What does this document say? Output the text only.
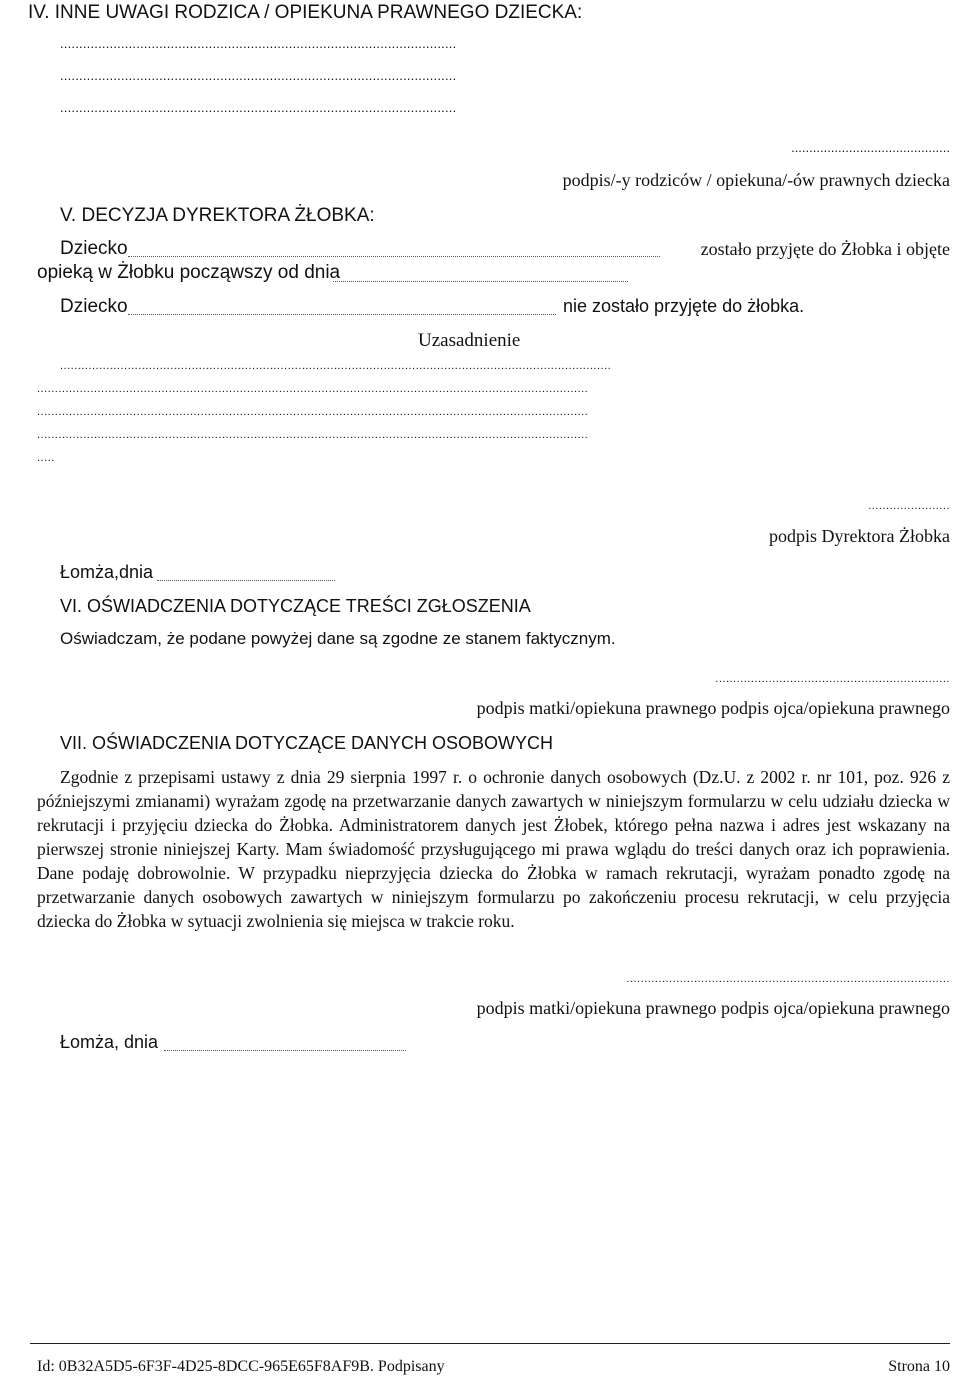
IV. INNE UWAGI RODZICA / OPIEKUNA PRAWNEGO DZIECKA:
........................................................................................................
........................................................................................................
........................................................................................................
............................................
podpis/-y rodziców / opiekuna/-ów prawnych dziecka
V. DECYZJA DYREKTORA ŻŁOBKA:
Dziecko	zostało przyjęte do Żłobka i objęte
opieką w Żłobku począwszy od dnia
Dziecko	nie zostało przyjęte do żłobka.
Uzasadnienie
...........................................................................................................................................................
...........................................................................................................................................................
...........................................................................................................................................................
...........................................................................................................................................................
.....
.......................
podpis Dyrektora Żłobka
Łomża,dnia
VI. OŚWIADCZENIA DOTYCZĄCE TREŚCI ZGŁOSZENIA
Oświadczam, że podane powyżej dane są zgodne ze stanem faktycznym.
..................................................................
podpis matki/opiekuna prawnego podpis ojca/opiekuna prawnego
VII. OŚWIADCZENIA DOTYCZĄCE DANYCH OSOBOWYCH
Zgodnie z przepisami ustawy z dnia 29 sierpnia 1997 r. o ochronie danych osobowych (Dz.U. z 2002 r. nr 101, poz. 926 z późniejszymi zmianami) wyrażam zgodę na przetwarzanie danych zawartych w niniejszym formularzu w celu udziału dziecka w rekrutacji i przyjęciu dziecka do Żłobka. Administratorem danych jest Żłobek, którego pełna nazwa i adres jest wskazany na pierwszej stronie niniejszej Karty. Mam świadomość przysługującego mi prawa wglądu do treści danych oraz ich poprawienia. Dane podaję dobrowolnie. W przypadku nieprzyjęcia dziecka do Żłobka w ramach rekrutacji, wyrażam ponadto zgodę na przetwarzanie danych osobowych zawartych w niniejszym formularzu po zakończeniu procesu rekrutacji, w celu przyjęcia dziecka do Żłobka w sytuacji zwolnienia się miejsca w trakcie roku.
...........................................................................................
podpis matki/opiekuna prawnego podpis ojca/opiekuna prawnego
Łomża, dnia
Id: 0B32A5D5-6F3F-4D25-8DCC-965E65F8AF9B. Podpisany	Strona 10
